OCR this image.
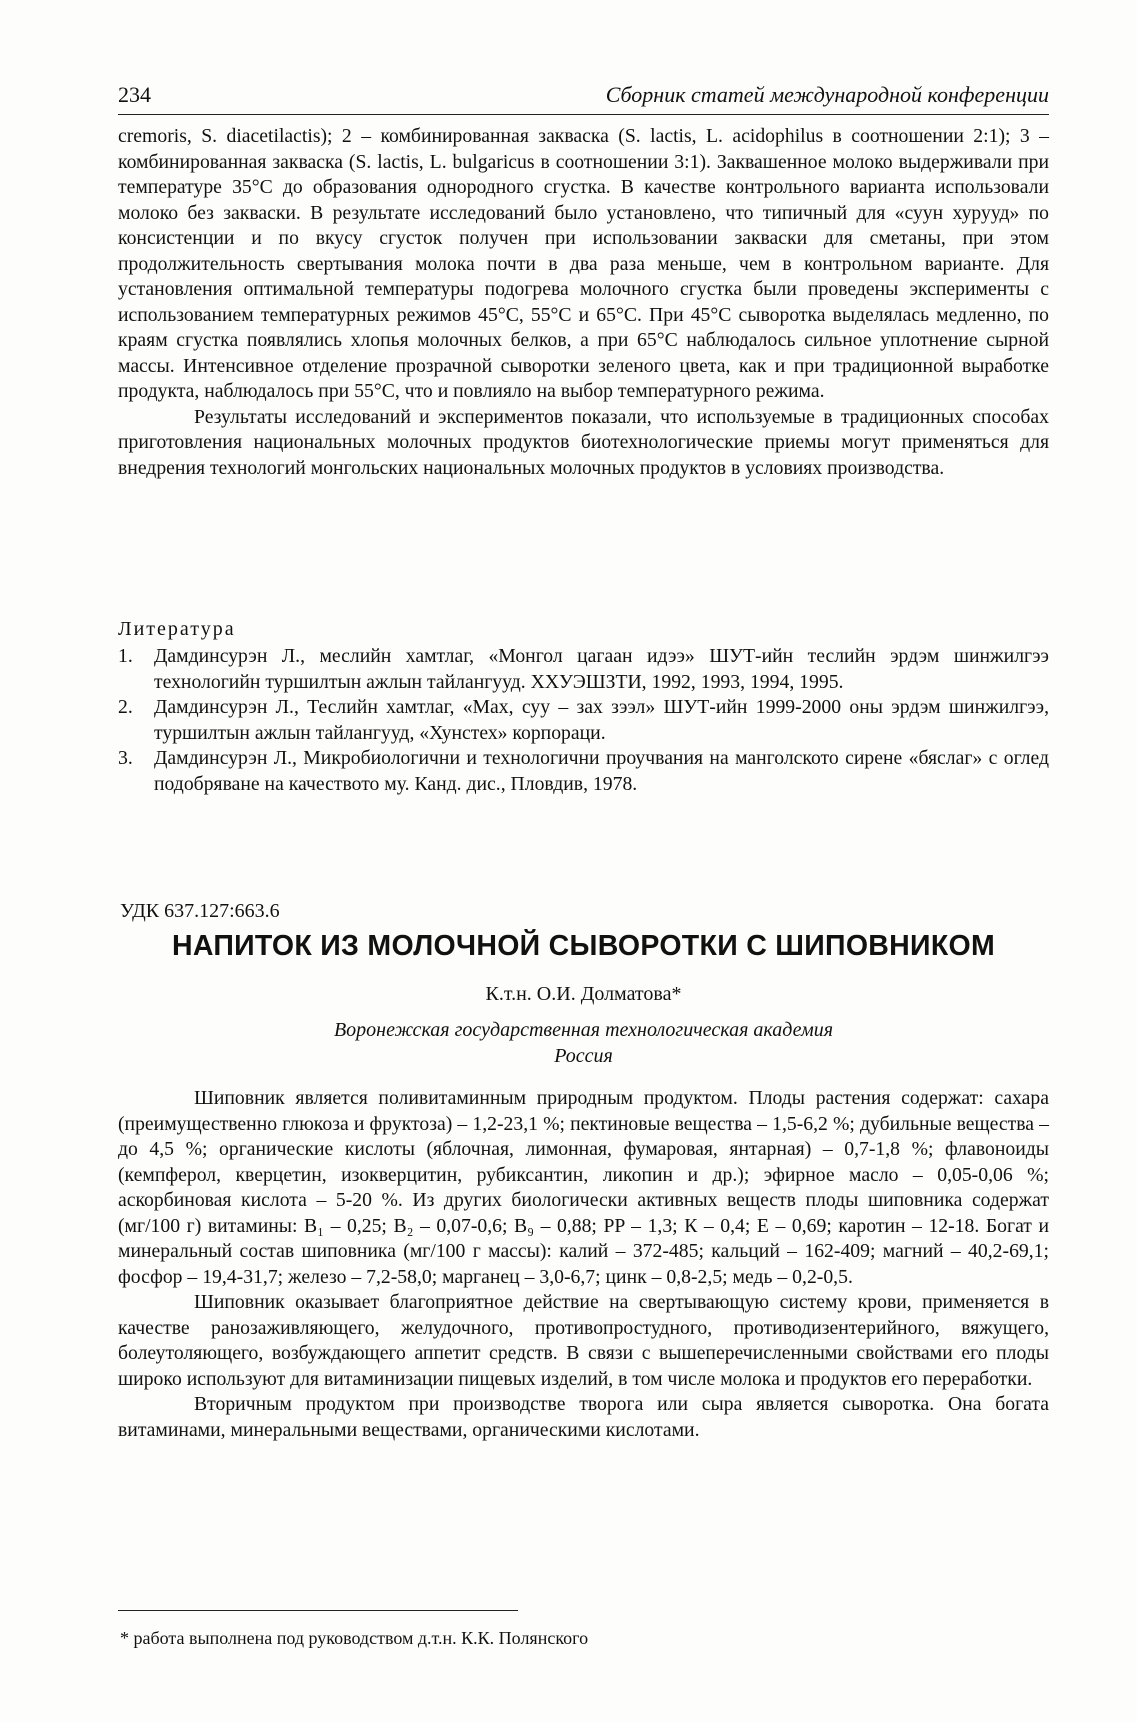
234	Сборник статей международной конференции

cremoris, S. diacetilactis); 2 – комбинированная закваска (S. lactis, L. acidophilus в соотношении 2:1); 3 – комбинированная закваска (S. lactis, L. bulgaricus в соотношении 3:1). Заквашенное молоко выдерживали при температуре 35°С до образования однородного сгустка. В качестве контрольного варианта использовали молоко без закваски. В результате исследований было установлено, что типичный для «суун хурууд» по консистенции и по вкусу сгусток получен при использовании закваски для сметаны, при этом продолжительность свертывания молока почти в два раза меньше, чем в контрольном варианте. Для установления оптимальной температуры подогрева молочного сгустка были проведены эксперименты с использованием температурных режимов 45°С, 55°С и 65°С. При 45°С сыворотка выделялась медленно, по краям сгустка появлялись хлопья молочных белков, а при 65°С наблюдалось сильное уплотнение сырной массы. Интенсивное отделение прозрачной сыворотки зеленого цвета, как и при традиционной выработке продукта, наблюдалось при 55°С, что и повлияло на выбор температурного режима.

Результаты исследований и экспериментов показали, что используемые в традиционных способах приготовления национальных молочных продуктов биотехнологические приемы могут применяться для внедрения технологий монгольских национальных молочных продуктов в условиях производства.

Литература
1. Дамдинсурэн Л., меслийн хамтлаг, «Монгол цагаан идээ» ШУТ-ийн теслийн эрдэм шинжилгээ технологийн туршилтын ажлын тайлангууд. ХХУЭШЗТИ, 1992, 1993, 1994, 1995.
2. Дамдинсурэн Л., Теслийн хамтлаг, «Мах, суу – зах зээл» ШУТ-ийн 1999-2000 оны эрдэм шинжилгээ, туршилтын ажлын тайлангууд, «Хунстех» корпораци.
3. Дамдинсурэн Л., Микробиологични и технологични проучвания на манголското сирене «бяслаг» с оглед подобряване на качеството му. Канд. дис., Пловдив, 1978.
УДК 637.127:663.6
НАПИТОК ИЗ МОЛОЧНОЙ СЫВОРОТКИ С ШИПОВНИКОМ
К.т.н. О.И. Долматова*
Воронежская государственная технологическая академия
Россия

Шиповник является поливитаминным природным продуктом. Плоды растения содержат: сахара (преимущественно глюкоза и фруктоза) – 1,2-23,1 %; пектиновые вещества – 1,5-6,2 %; дубильные вещества – до 4,5 %; органические кислоты (яблочная, лимонная, фумаровая, янтарная) – 0,7-1,8 %; флавоноиды (кемпферол, кверцетин, изокверцитин, рубиксантин, ликопин и др.); эфирное масло – 0,05-0,06 %; аскорбиновая кислота – 5-20 %. Из других биологически активных веществ плоды шиповника содержат (мг/100 г) витамины: B₁ – 0,25; B₂ – 0,07-0,6; B₉ – 0,88; PP – 1,3; К – 0,4; Е – 0,69; каротин – 12-18. Богат и минеральный состав шиповника (мг/100 г массы): калий – 372-485; кальций – 162-409; магний – 40,2-69,1; фосфор – 19,4-31,7; железо – 7,2-58,0; марганец – 3,0-6,7; цинк – 0,8-2,5; медь – 0,2-0,5.

Шиповник оказывает благоприятное действие на свертывающую систему крови, применяется в качестве ранозаживляющего, желудочного, противопростудного, противодизентерийного, вяжущего, болеутоляющего, возбуждающего аппетит средств. В связи с вышеперечисленными свойствами его плоды широко используют для витаминизации пищевых изделий, в том числе молока и продуктов его переработки.

Вторичным продуктом при производстве творога или сыра является сыворотка. Она богата витаминами, минеральными веществами, органическими кислотами.

* работа выполнена под руководством д.т.н. К.К. Полянского
